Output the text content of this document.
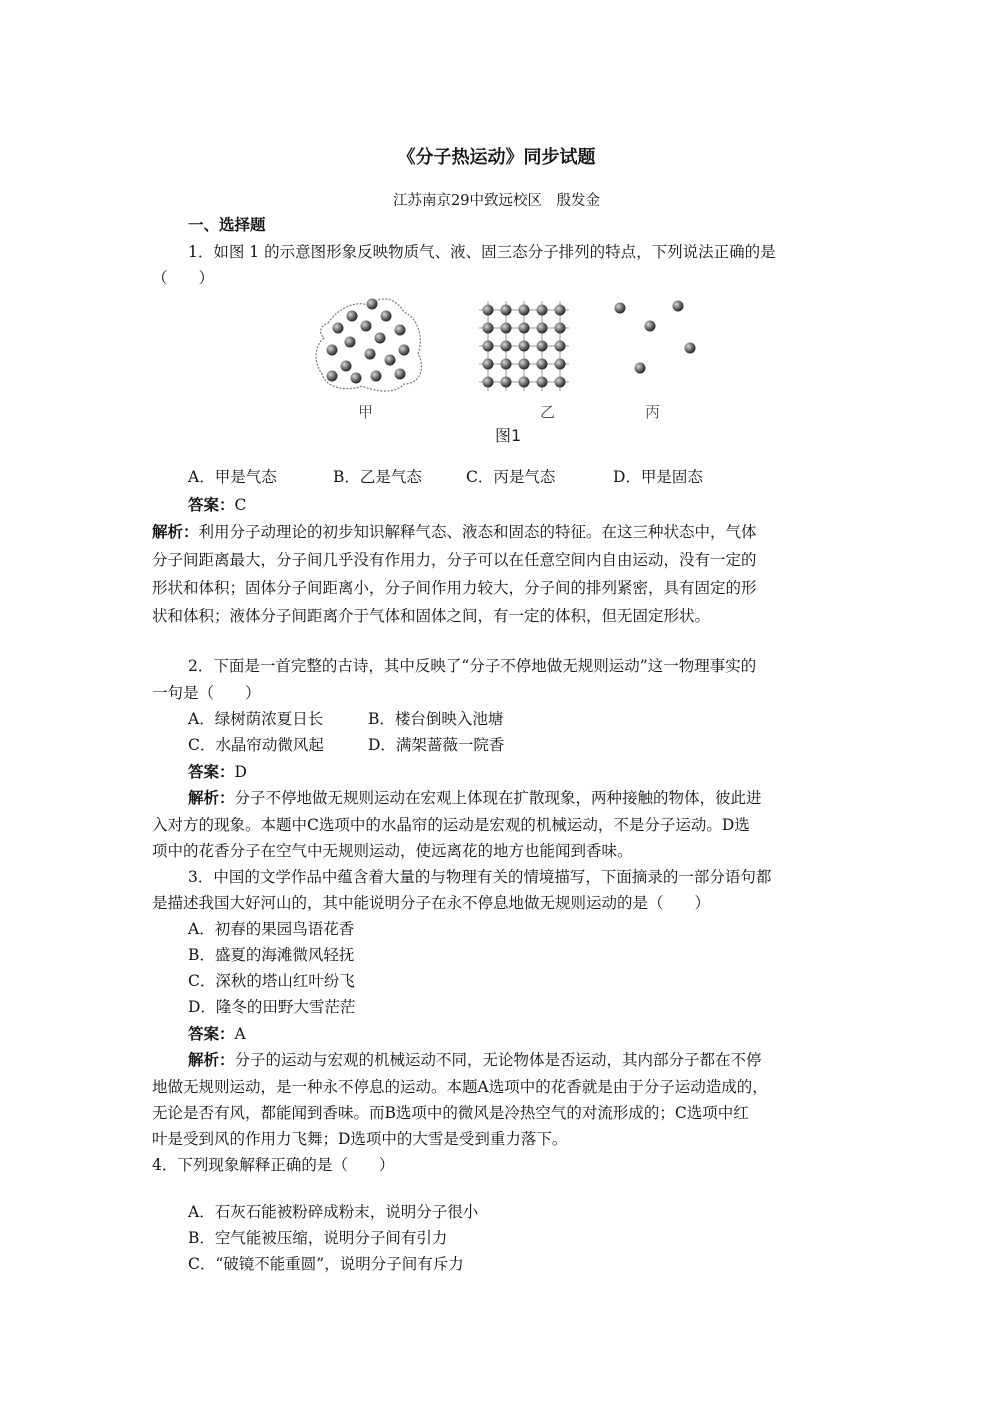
《分子热运动》同步试题
江苏南京29中致远校区　殷发金
一、选择题
1．如图 1 的示意图形象反映物质气、液、固三态分子排列的特点，下列说法正确的是
（　　）
甲	乙	丙
图1
A．甲是气态	B．乙是气态	C．丙是气态	D．甲是固态
答案：C
解析：利用分子动理论的初步知识解释气态、液态和固态的特征。在这三种状态中，气体
分子间距离最大，分子间几乎没有作用力，分子可以在任意空间内自由运动，没有一定的
形状和体积；固体分子间距离小，分子间作用力较大，分子间的排列紧密，具有固定的形
状和体积；液体分子间距离介于气体和固体之间，有一定的体积，但无固定形状。
2．下面是一首完整的古诗，其中反映了“分子不停地做无规则运动”这一物理事实的
一句是（　　）
A．绿树荫浓夏日长	B．楼台倒映入池塘
C．水晶帘动微风起	D．满架蔷薇一院香
答案：D
解析：分子不停地做无规则运动在宏观上体现在扩散现象，两种接触的物体，彼此进
入对方的现象。本题中C选项中的水晶帘的运动是宏观的机械运动，不是分子运动。D选
项中的花香分子在空气中无规则运动，使远离花的地方也能闻到香味。
3．中国的文学作品中蕴含着大量的与物理有关的情境描写，下面摘录的一部分语句都
是描述我国大好河山的，其中能说明分子在永不停息地做无规则运动的是（　　）
A．初春的果园鸟语花香
B．盛夏的海滩微风轻抚
C．深秋的塔山红叶纷飞
D．隆冬的田野大雪茫茫
答案：A
解析：分子的运动与宏观的机械运动不同，无论物体是否运动，其内部分子都在不停
地做无规则运动，是一种永不停息的运动。本题A选项中的花香就是由于分子运动造成的，
无论是否有风，都能闻到香味。而B选项中的微风是冷热空气的对流形成的；C选项中红
叶是受到风的作用力飞舞；D选项中的大雪是受到重力落下。
4．下列现象解释正确的是（　　）
A．石灰石能被粉碎成粉末，说明分子很小
B．空气能被压缩，说明分子间有引力
C．“破镜不能重圆”，说明分子间有斥力
